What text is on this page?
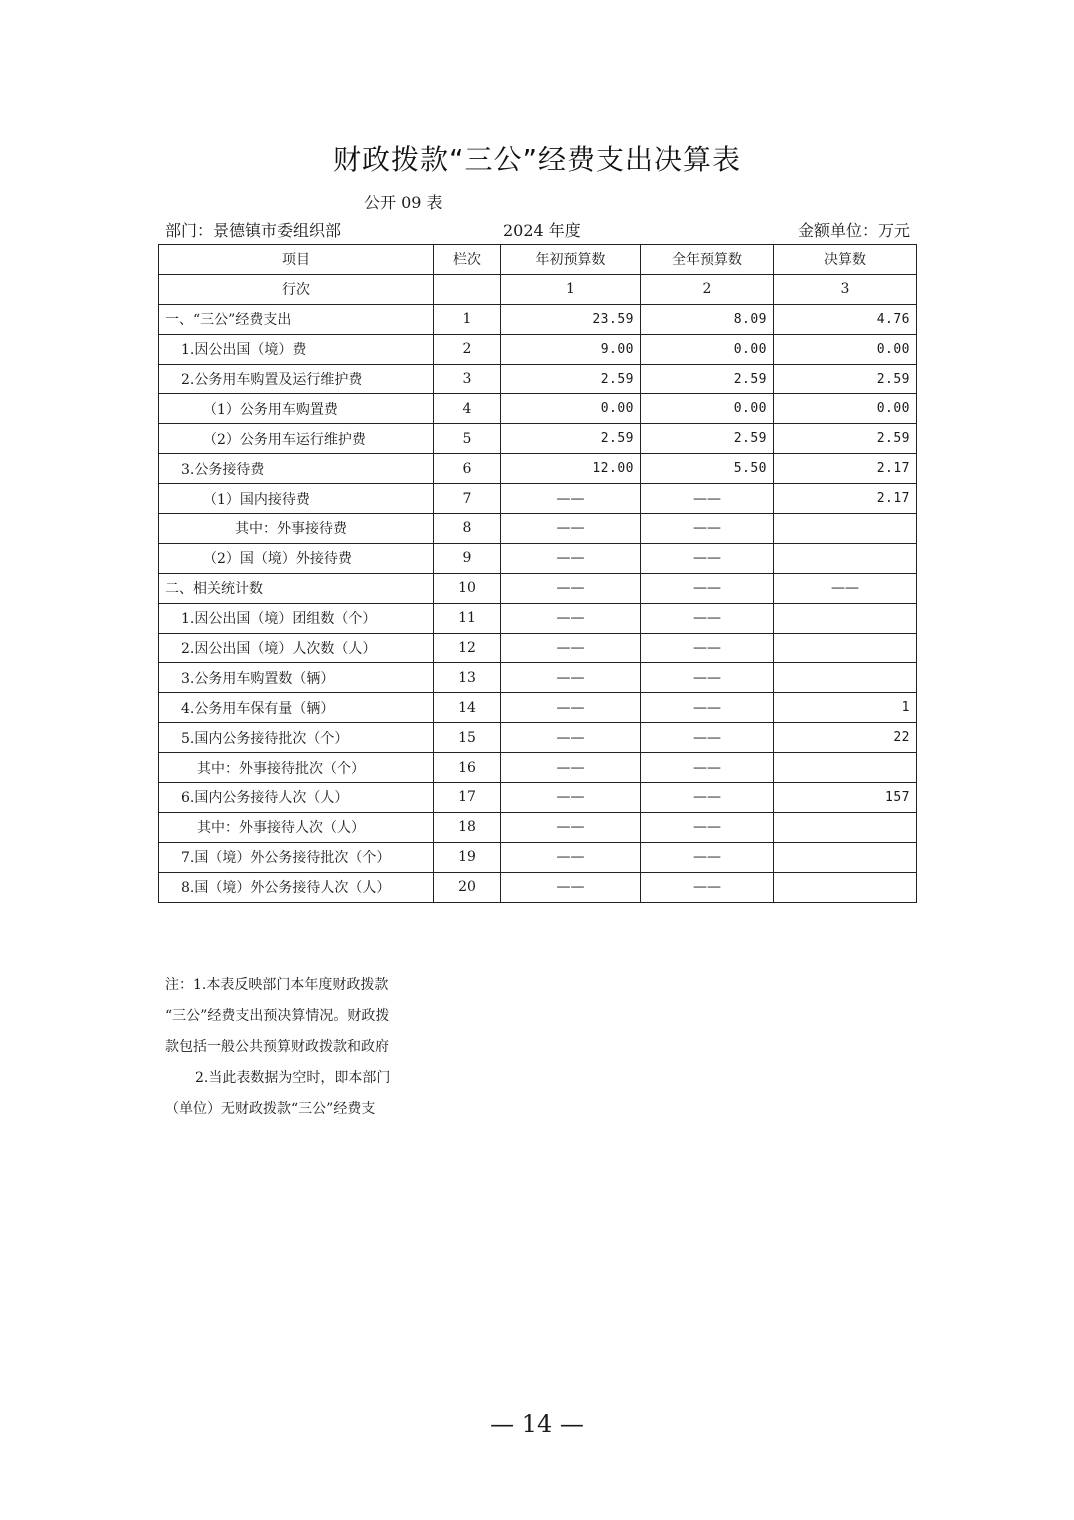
财政拨款“三公”经费支出决算表
公开 09 表
部门：景德镇市委组织部	2024 年度	金额单位：万元
项目	栏次	年初预算数	全年预算数	决算数
行次		1	2	3
一、“三公”经费支出	1	23.59	8.09	4.76
1.因公出国（境）费	2	9.00	0.00	0.00
2.公务用车购置及运行维护费	3	2.59	2.59	2.59
（1）公务用车购置费	4	0.00	0.00	0.00
（2）公务用车运行维护费	5	2.59	2.59	2.59
3.公务接待费	6	12.00	5.50	2.17
（1）国内接待费	7	——	——	2.17
其中：外事接待费	8	——	——	
（2）国（境）外接待费	9	——	——	
二、相关统计数	10	——	——	——
1.因公出国（境）团组数（个）	11	——	——	
2.因公出国（境）人次数（人）	12	——	——	
3.公务用车购置数（辆）	13	——	——	
4.公务用车保有量（辆）	14	——	——	1
5.国内公务接待批次（个）	15	——	——	22
其中：外事接待批次（个）	16	——	——	
6.国内公务接待人次（人）	17	——	——	157
其中：外事接待人次（人）	18	——	——	
7.国（境）外公务接待批次（个）	19	——	——	
8.国（境）外公务接待人次（人）	20	——	——	
注：1.本表反映部门本年度财政拨款
“三公”经费支出预决算情况。财政拨
款包括一般公共预算财政拨款和政府
2.当此表数据为空时，即本部门
（单位）无财政拨款“三公”经费支
— 14 —
